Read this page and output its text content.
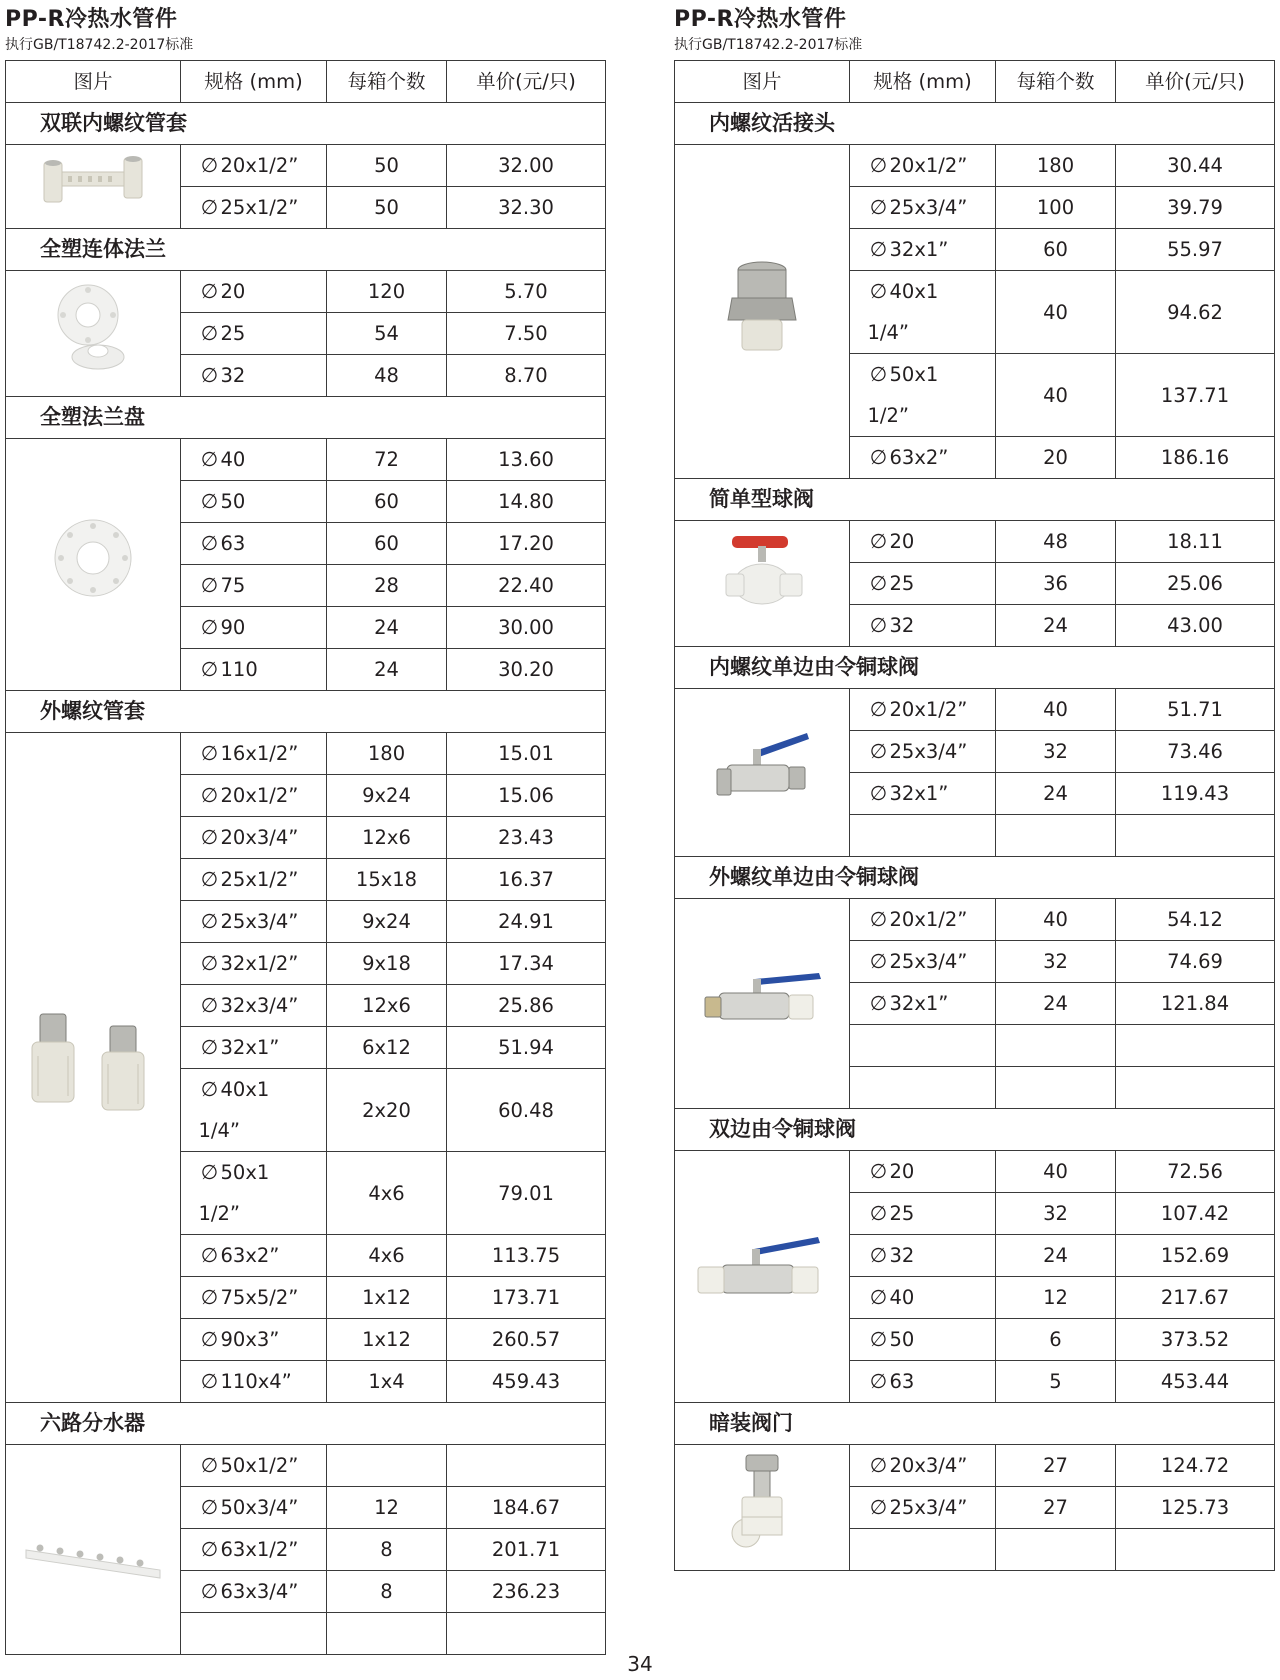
PP-R冷热水管件
执行GB/T18742.2-2017标准
图片	规格 (mm)	每箱个数	单价(元/只)
双联内螺纹管套			

	∅ 20x1/2”	50	32.00
	∅ 25x1/2”	50	32.30
全塑连体法兰			

	∅ 20	120	5.70
	∅ 25	54	7.50
	∅ 32	48	8.70
全塑法兰盘			

	∅ 40	72	13.60
	∅ 50	60	14.80
	∅ 63	60	17.20
	∅ 75	28	22.40
	∅ 90	24	30.00
	∅ 110	24	30.20
外螺纹管套			

	∅ 16x1/2”	180	15.01
	∅ 20x1/2”	9x24	15.06
	∅ 20x3/4”	12x6	23.43
	∅ 25x1/2”	15x18	16.37
	∅ 25x3/4”	9x24	24.91
	∅ 32x1/2”	9x18	17.34
	∅ 32x3/4”	12x6	25.86
	∅ 32x1”	6x12	51.94
	∅ 40x1 1/4”	2x20	60.48
	∅ 50x1 1/2”	4x6	79.01
	∅ 63x2”	4x6	113.75
	∅ 75x5/2”	1x12	173.71
	∅ 90x3”	1x12	260.57
	∅ 110x4”	1x4	459.43
六路分水器			

	∅ 50x1/2”		
	∅ 50x3/4”	12	184.67
	∅ 63x1/2”	8	201.71
	∅ 63x3/4”	8	236.23

PP-R冷热水管件
执行GB/T18742.2-2017标准
图片	规格 (mm)	每箱个数	单价(元/只)
内螺纹活接头			

	∅ 20x1/2”	180	30.44
	∅ 25x3/4”	100	39.79
	∅ 32x1”	60	55.97
	∅ 40x1 1/4”	40	94.62
	∅ 50x1 1/2”	40	137.71
	∅ 63x2”	20	186.16
简单型球阀			

	∅ 20	48	18.11
	∅ 25	36	25.06
	∅ 32	24	43.00
内螺纹单边由令铜球阀			

	∅ 20x1/2”	40	51.71
	∅ 25x3/4”	32	73.46
	∅ 32x1”	24	119.43

外螺纹单边由令铜球阀			

	∅ 20x1/2”	40	54.12
	∅ 25x3/4”	32	74.69
	∅ 32x1”	24	121.84

双边由令铜球阀			

	∅ 20	40	72.56
	∅ 25	32	107.42
	∅ 32	24	152.69
	∅ 40	12	217.67
	∅ 50	6	373.52
	∅ 63	5	453.44
暗装阀门			

	∅ 20x3/4”	27	124.72
	∅ 25x3/4”	27	125.73

34
